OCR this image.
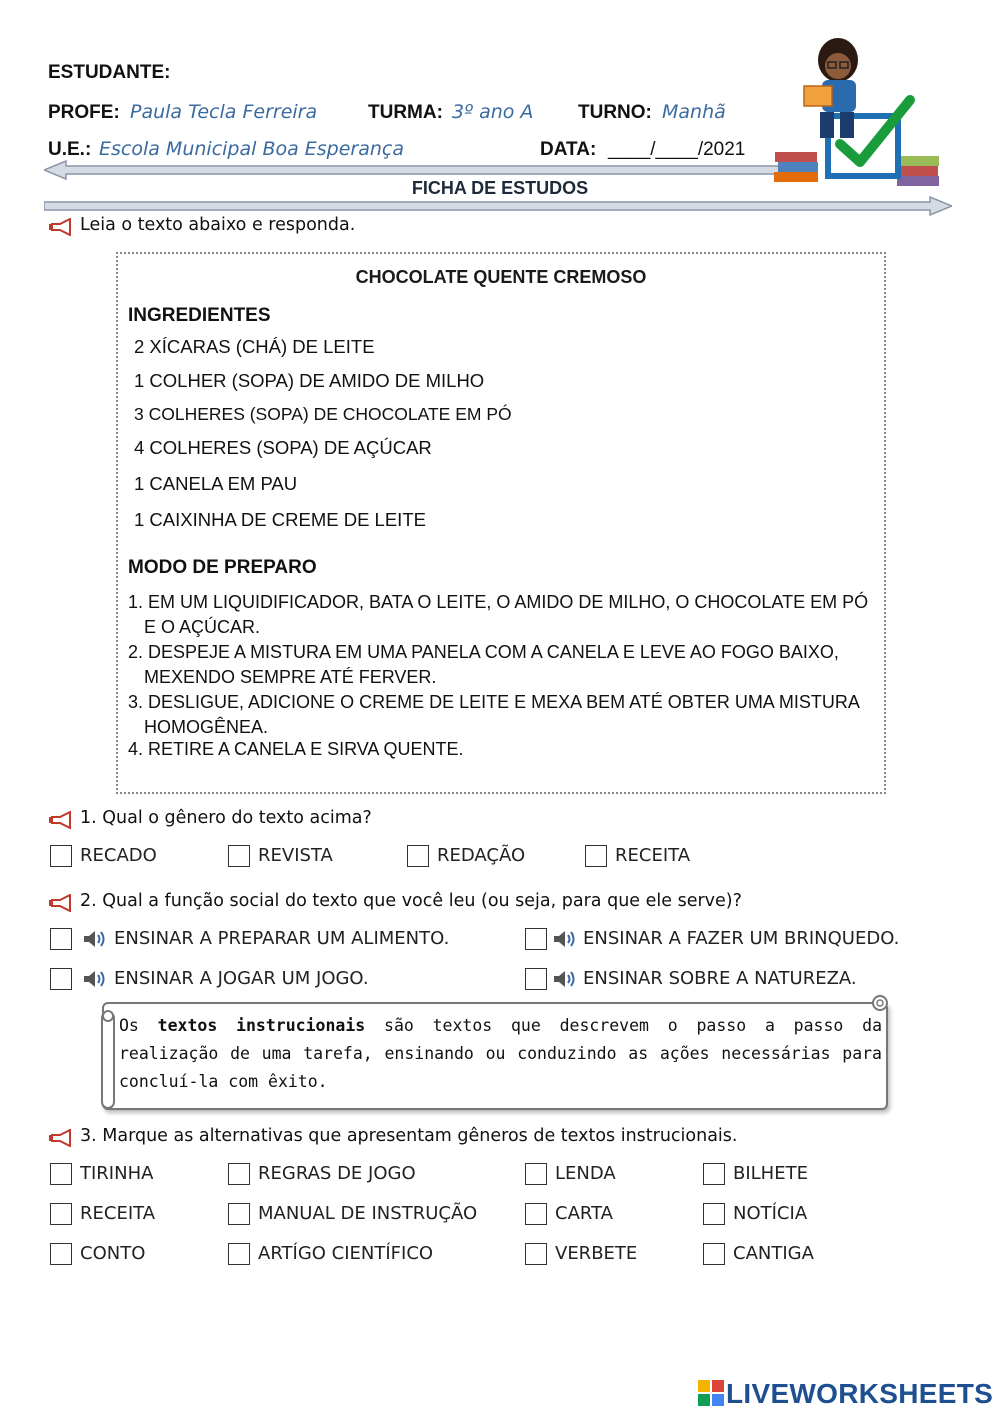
ESTUDANTE:
PROFE: Paula Tecla Ferreira	TURMA: 3º ano A TURNO: Manhã
U.E.: Escola Municipal Boa Esperança	DATA: ____/____/2021
FICHA DE ESTUDOS
Leia o texto abaixo e responda.
CHOCOLATE QUENTE CREMOSO
INGREDIENTES
2 XÍCARAS (CHÁ) DE LEITE
1 COLHER (SOPA) DE AMIDO DE MILHO
3 COLHERES (SOPA) DE CHOCOLATE EM PÓ
4 COLHERES (SOPA) DE AÇÚCAR
1 CANELA EM PAU
1 CAIXINHA DE CREME DE LEITE
MODO DE PREPARO
1. EM UM LIQUIDIFICADOR, BATA O LEITE, O AMIDO DE MILHO, O CHOCOLATE EM PÓ E O AÇÚCAR.
2. DESPEJE A MISTURA EM UMA PANELA COM A CANELA E LEVE AO FOGO BAIXO, MEXENDO SEMPRE ATÉ FERVER.
3. DESLIGUE, ADICIONE O CREME DE LEITE E MEXA BEM ATÉ OBTER UMA MISTURA HOMOGÊNEA.
4. RETIRE A CANELA E SIRVA QUENTE.
1. Qual o gênero do texto acima?
RECADO	REVISTA	REDAÇÃO	RECEITA
2. Qual a função social do texto que você leu (ou seja, para que ele serve)?
ENSINAR A PREPARAR UM ALIMENTO.	ENSINAR A FAZER UM BRINQUEDO.
ENSINAR A JOGAR UM JOGO.	ENSINAR SOBRE A NATUREZA.
Os textos instrucionais são textos que descrevem o passo a passo da realização de uma tarefa, ensinando ou conduzindo as ações necessárias para concluí-la com êxito.
3. Marque as alternativas que apresentam gêneros de textos instrucionais.
TIRINHA	REGRAS DE JOGO	LENDA	BILHETE
RECEITA	MANUAL DE INSTRUÇÃO	CARTA	NOTÍCIA
CONTO	ARTÍGO CIENTÍFICO	VERBETE	CANTIGA
LIVEWORKSHEETS
